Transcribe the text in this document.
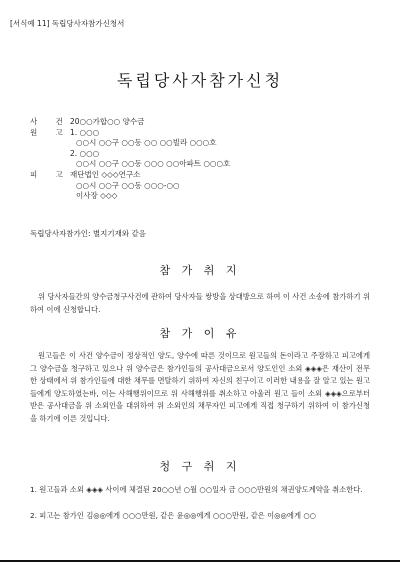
[서식예 11] 독립당사자참가신청서
독립당사자참가신청
사 건 20○○가합○○ 양수금
원 고 1. ○○○
○○시 ○○구 ○○동 ○○ ○○빌라 ○○○호
2. ○○○
○○시 ○○구 ○○동 ○○○ ○○아파트 ○○○호
피 고 재단법인 ◇◇◇연구소
○○시 ○○구 ○○동 ○○○-○○
이사장 ◇◇◇
독립당사자참가인: 별지기재와 같음
참 가 취 지

위 당사자들간의 양수금청구사건에 관하여 당사자들 쌍방을 상대방으로 하여 이 사건 소송에 참가하기 위하여 이에 신청합니다.

참 가 이 유

원고들은 이 사건 양수금이 정상적인 양도, 양수에 따른 것이므로 원고들의 돈이라고 주장하고 피고에게 그 양수금을 청구하고 있으나 위 양수금은 참가인들의 공사대금으로서 양도인인 소외 ◈◈◈은 재산이 전무한 상태에서 위 참가인들에 대한 채무를 면탈하기 위하여 자신의 친구이고 이러한 내용을 잘 알고 있는 원고들에게 양도하였는바, 이는 사해행위이므로 위 사해행위를 취소하고 아울러 원고 들이 소외 ◈◈◈으로부터 받은 공사대금을 위 소외인을 대위하여 위 소외인의 채무자인 피고에게 직접 청구하기 위하여 이 참가신청을 하기에 이른 것입니다.

청 구 취 지

1. 원고들과 소외 ◈◈◈ 사이에 체결된 20○○년 ○월 ○○일자 금 ○○○만원의 채권양도계약을 취소한다.

2. 피고는 참가인 김◎◎에게 ○○○만원, 같은 윤◎◎에게 ○○○만원, 같은 이◎◎에게 ○○
